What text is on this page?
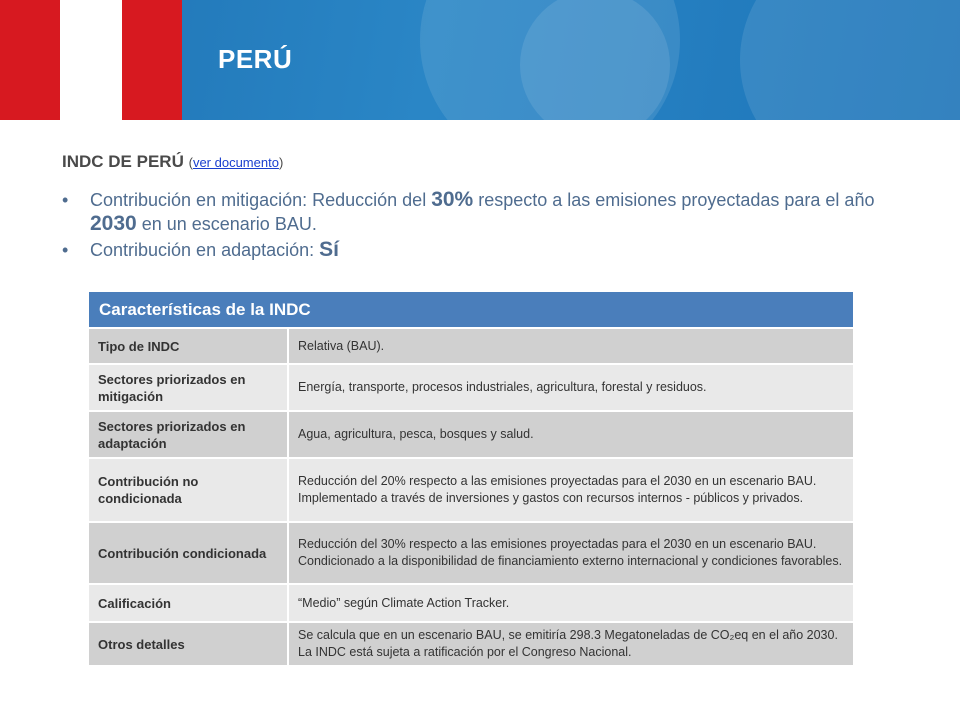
PERÚ
INDC DE PERÚ (ver documento)
• Contribución en mitigación: Reducción del 30% respecto a las emisiones proyectadas para el año 2030 en un escenario BAU.
• Contribución en adaptación: Sí
Características de la INDC	
Tipo de INDC	Relativa (BAU).
Sectores priorizados en mitigación	Energía, transporte, procesos industriales, agricultura, forestal y residuos.
Sectores priorizados en adaptación	Agua, agricultura, pesca, bosques y salud.
Contribución no condicionada	Reducción del 20% respecto a las emisiones proyectadas para el 2030 en un escenario BAU. Implementado a través de inversiones y gastos con recursos internos - públicos y privados.
Contribución condicionada	Reducción del 30% respecto a las emisiones proyectadas para el 2030 en un escenario BAU. Condicionado a la disponibilidad de financiamiento externo internacional y condiciones favorables.
Calificación	“Medio” según Climate Action Tracker.
Otros detalles	Se calcula que en un escenario BAU, se emitiría 298.3 Megatoneladas de CO₂eq en el año 2030. La INDC está sujeta a ratificación por el Congreso Nacional.
